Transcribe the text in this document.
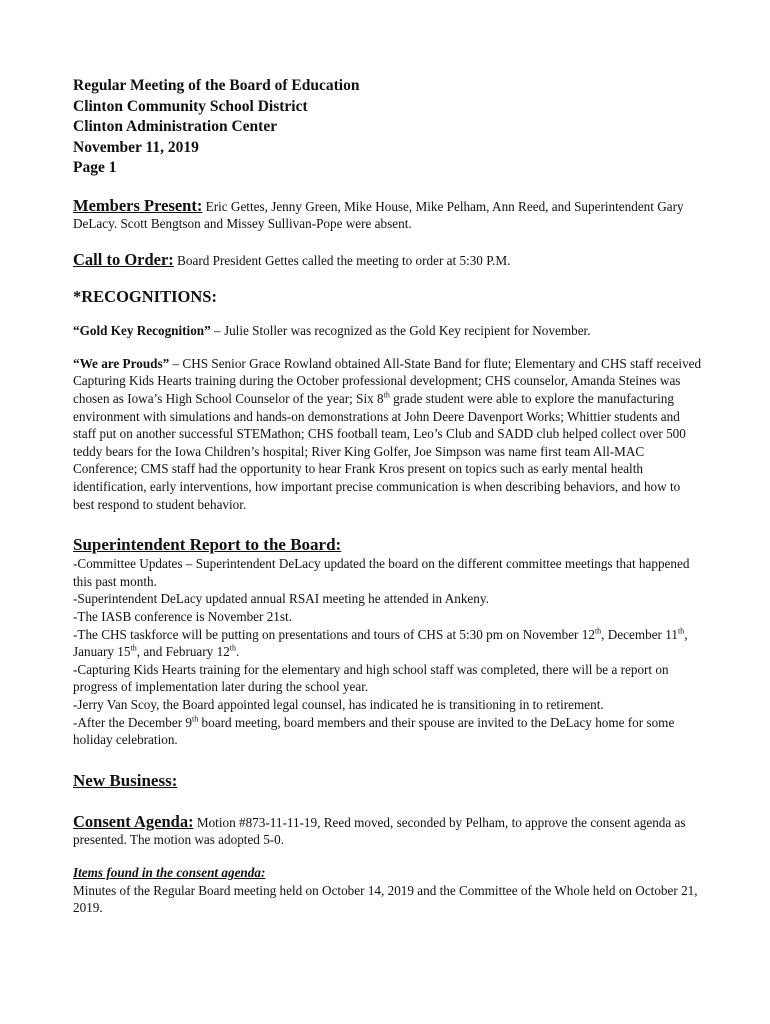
Regular Meeting of the Board of Education
Clinton Community School District
Clinton Administration Center
November 11, 2019
Page 1

Members Present: Eric Gettes, Jenny Green, Mike House, Mike Pelham, Ann Reed, and Superintendent Gary DeLacy. Scott Bengtson and Missey Sullivan-Pope were absent.

Call to Order: Board President Gettes called the meeting to order at 5:30 P.M.

*RECOGNITIONS:

“Gold Key Recognition” – Julie Stoller was recognized as the Gold Key recipient for November.

“We are Prouds” – CHS Senior Grace Rowland obtained All-State Band for flute; Elementary and CHS staff received Capturing Kids Hearts training during the October professional development; CHS counselor, Amanda Steines was chosen as Iowa’s High School Counselor of the year; Six 8th grade student were able to explore the manufacturing environment with simulations and hands-on demonstrations at John Deere Davenport Works; Whittier students and staff put on another successful STEMathon; CHS football team, Leo’s Club and SADD club helped collect over 500 teddy bears for the Iowa Children’s hospital; River King Golfer, Joe Simpson was name first team All-MAC Conference; CMS staff had the opportunity to hear Frank Kros present on topics such as early mental health identification, early interventions, how important precise communication is when describing behaviors, and how to best respond to student behavior.

Superintendent Report to the Board:

-Committee Updates – Superintendent DeLacy updated the board on the different committee meetings that happened this past month.

-Superintendent DeLacy updated annual RSAI meeting he attended in Ankeny.

-The IASB conference is November 21st.

-The CHS taskforce will be putting on presentations and tours of CHS at 5:30 pm on November 12th, December 11th, January 15th, and February 12th.

-Capturing Kids Hearts training for the elementary and high school staff was completed, there will be a report on progress of implementation later during the school year.

-Jerry Van Scoy, the Board appointed legal counsel, has indicated he is transitioning in to retirement.

-After the December 9th board meeting, board members and their spouse are invited to the DeLacy home for some holiday celebration.

New Business:

Consent Agenda: Motion #873-11-11-19, Reed moved, seconded by Pelham, to approve the consent agenda as presented. The motion was adopted 5-0.

Items found in the consent agenda:

Minutes of the Regular Board meeting held on October 14, 2019 and the Committee of the Whole held on October 21, 2019.
